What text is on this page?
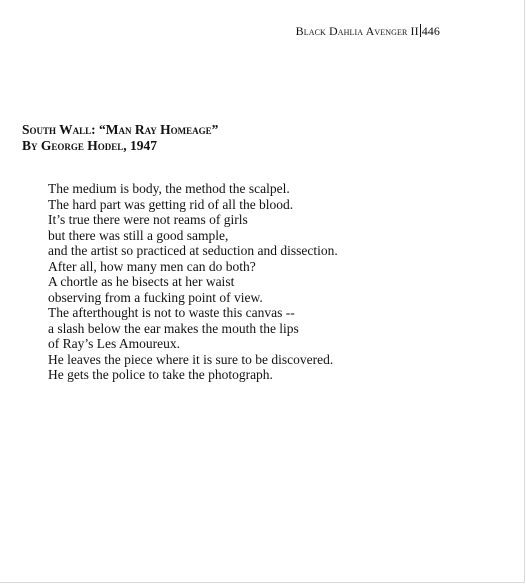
Black Dahlia Avenger II 446
South Wall: “Man Ray Homeage”
By George Hodel, 1947
The medium is body, the method the scalpel.
The hard part was getting rid of all the blood.
It’s true there were not reams of girls
but there was still a good sample,
and the artist so practiced at seduction and dissection.
After all, how many men can do both?
A chortle as he bisects at her waist
observing from a fucking point of view.
The afterthought is not to waste this canvas --
a slash below the ear makes the mouth the lips
of Ray’s Les Amoureux.
He leaves the piece where it is sure to be discovered.
He gets the police to take the photograph.
